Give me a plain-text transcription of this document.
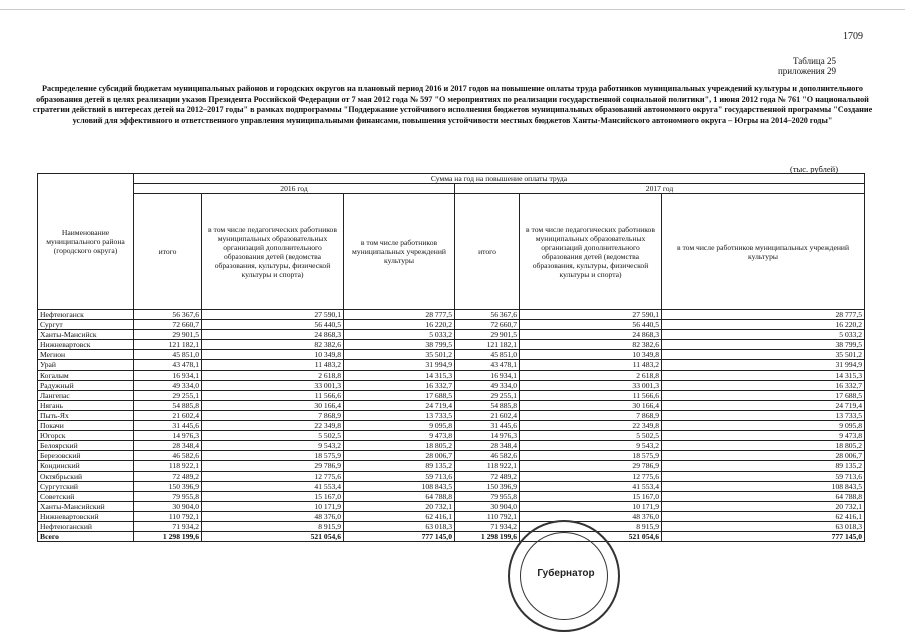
1709
Таблица 25
приложения 29
Распределение субсидий бюджетам муниципальных районов и городских округов на плановый период 2016 и 2017 годов на повышение оплаты труда работников муниципальных учреждений культуры и дополнительного образования детей в целях реализации указов Президента Российской Федерации от 7 мая 2012 года № 597 "О мероприятиях по реализации государственной социальной политики", 1 июня 2012 года № 761 "О национальной стратегии действий в интересах детей на 2012–2017 годы" в рамках подпрограммы "Поддержание устойчивого исполнения бюджетов муниципальных образований автономного округа" государственной программы "Создание условий для эффективного и ответственного управления муниципальными финансами, повышения устойчивости местных бюджетов Ханты-Мансийского автономного округа – Югры на 2014–2020 годы"
(тыс. рублей)
Наименование муниципального района (городского округа)	Сумма на год на повышение оплаты труда					
	2016 год			2017 год		
	итого	в том числе педагогических работников муниципальных образовательных организаций дополнительного образования детей (ведомства образования, культуры, физической культуры и спорта)	в том числе работников муниципальных учреждений культуры	итого	в том числе педагогических работников муниципальных образовательных организаций дополнительного образования детей (ведомства образования, культуры, физической культуры и спорта)	в том числе работников муниципальных учреждений культуры
Нефтеюганск	56 367,6	27 590,1	28 777,5	56 367,6	27 590,1	28 777,5
Сургут	72 660,7	56 440,5	16 220,2	72 660,7	56 440,5	16 220,2
Ханты-Мансийск	29 901,5	24 868,3	5 033,2	29 901,5	24 868,3	5 033,2
Нижневартовск	121 182,1	82 382,6	38 799,5	121 182,1	82 382,6	38 799,5
Мегион	45 851,0	10 349,8	35 501,2	45 851,0	10 349,8	35 501,2
Урай	43 478,1	11 483,2	31 994,9	43 478,1	11 483,2	31 994,9
Когалым	16 934,1	2 618,8	14 315,3	16 934,1	2 618,8	14 315,3
Радужный	49 334,0	33 001,3	16 332,7	49 334,0	33 001,3	16 332,7
Лангепас	29 255,1	11 566,6	17 688,5	29 255,1	11 566,6	17 688,5
Нягань	54 885,8	30 166,4	24 719,4	54 885,8	30 166,4	24 719,4
Пыть-Ях	21 602,4	7 868,9	13 733,5	21 602,4	7 868,9	13 733,5
Покачи	31 445,6	22 349,8	9 095,8	31 445,6	22 349,8	9 095,8
Югорск	14 976,3	5 502,5	9 473,8	14 976,3	5 502,5	9 473,8
Белоярский	28 348,4	9 543,2	18 805,2	28 348,4	9 543,2	18 805,2
Березовский	46 582,6	18 575,9	28 006,7	46 582,6	18 575,9	28 006,7
Кондинский	118 922,1	29 786,9	89 135,2	118 922,1	29 786,9	89 135,2
Октябрьский	72 489,2	12 775,6	59 713,6	72 489,2	12 775,6	59 713,6
Сургутский	150 396,9	41 553,4	108 843,5	150 396,9	41 553,4	108 843,5
Советский	79 955,8	15 167,0	64 788,8	79 955,8	15 167,0	64 788,8
Ханты-Мансийский	30 904,0	10 171,9	20 732,1	30 904,0	10 171,9	20 732,1
Нижневартовский	110 792,1	48 376,0	62 416,1	110 792,1	48 376,0	62 416,1
Нефтеюганский	71 934,2	8 915,9	63 018,3	71 934,2	8 915,9	63 018,3
Всего	1 298 199,6	521 054,6	777 145,0	1 298 199,6	521 054,6	777 145,0
Губернатор
